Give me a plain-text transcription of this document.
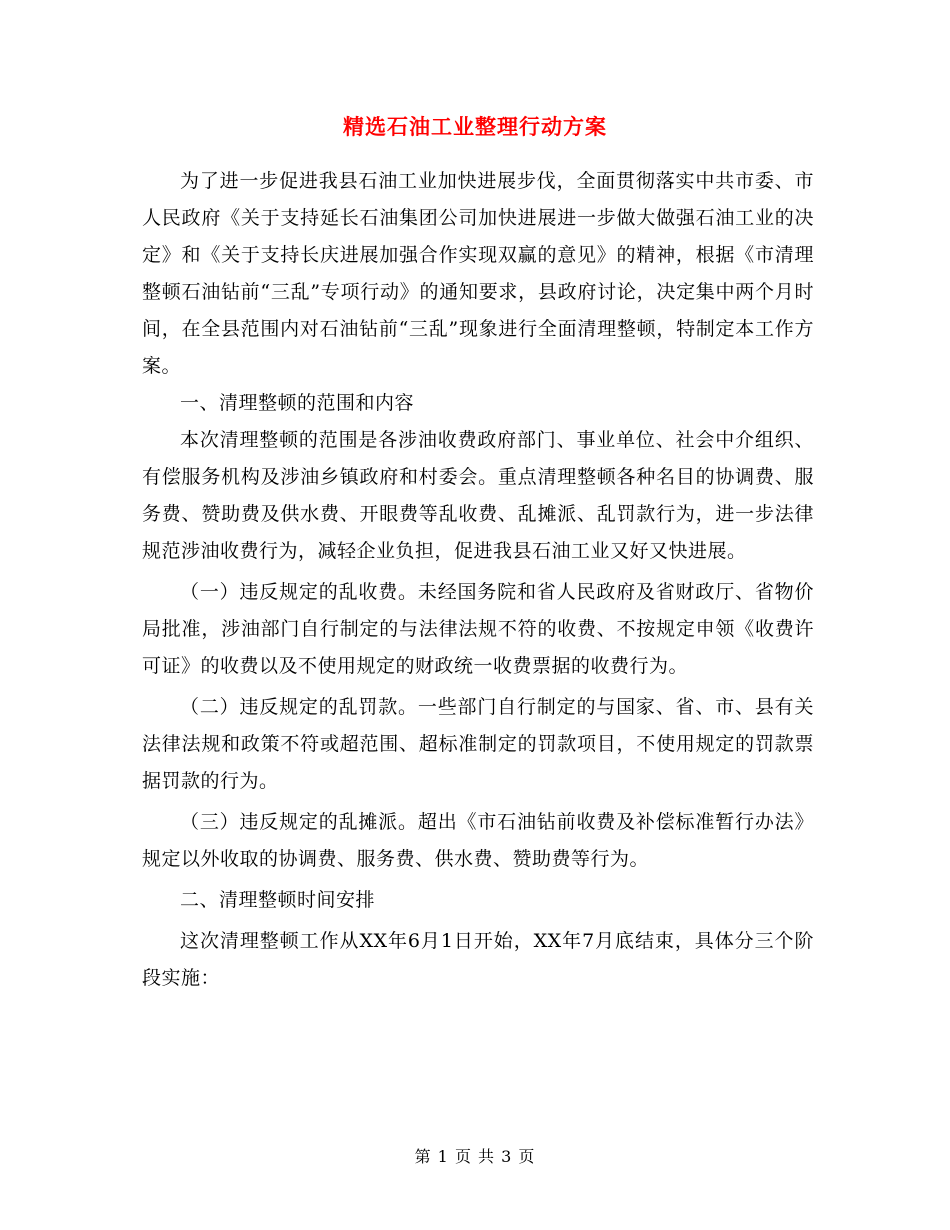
精选石油工业整理行动方案

为了进一步促进我县石油工业加快进展步伐，全面贯彻落实中共市委、市人民政府《关于支持延长石油集团公司加快进展进一步做大做强石油工业的决定》和《关于支持长庆进展加强合作实现双赢的意见》的精神，根据《市清理整顿石油钻前“三乱”专项行动》的通知要求，县政府讨论，决定集中两个月时间，在全县范围内对石油钻前“三乱”现象进行全面清理整顿，特制定本工作方案。

一、清理整顿的范围和内容

本次清理整顿的范围是各涉油收费政府部门、事业单位、社会中介组织、有偿服务机构及涉油乡镇政府和村委会。重点清理整顿各种名目的协调费、服务费、赞助费及供水费、开眼费等乱收费、乱摊派、乱罚款行为，进一步法律规范涉油收费行为，减轻企业负担，促进我县石油工业又好又快进展。

（一）违反规定的乱收费。未经国务院和省人民政府及省财政厅、省物价局批准，涉油部门自行制定的与法律法规不符的收费、不按规定申领《收费许可证》的收费以及不使用规定的财政统一收费票据的收费行为。

（二）违反规定的乱罚款。一些部门自行制定的与国家、省、市、县有关法律法规和政策不符或超范围、超标准制定的罚款项目，不使用规定的罚款票据罚款的行为。

（三）违反规定的乱摊派。超出《市石油钻前收费及补偿标准暂行办法》规定以外收取的协调费、服务费、供水费、赞助费等行为。

二、清理整顿时间安排

这次清理整顿工作从XX年6月1日开始，XX年7月底结束，具体分三个阶段实施：

第 1 页 共 3 页
